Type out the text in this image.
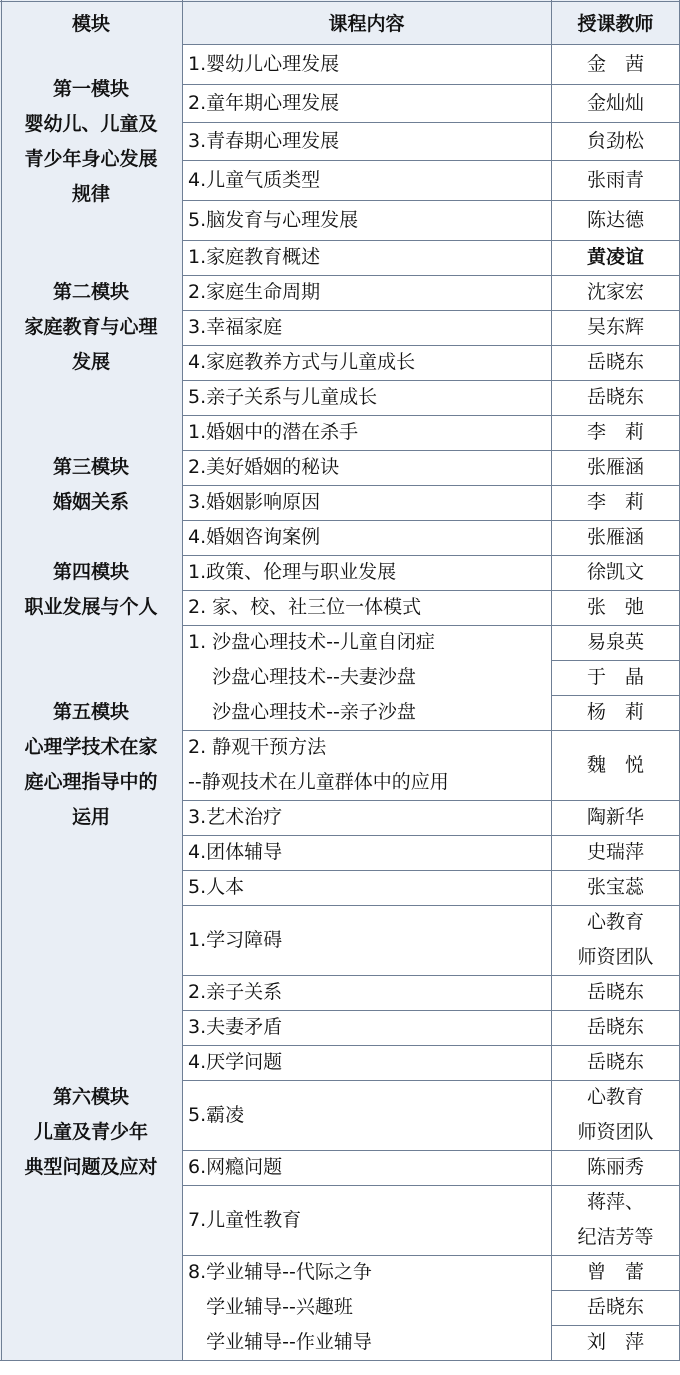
模块	课程内容	授课教师
第一模块
婴幼儿、儿童及
青少年身心发展
规律
1.婴幼儿心理发展
2.童年期心理发展
3.青春期心理发展
4.儿童气质类型
5.脑发育与心理发展
金　茜
金灿灿
贠劲松
张雨青
陈达德
第二模块
家庭教育与心理
发展
1.家庭教育概述
2.家庭生命周期
3.幸福家庭
4.家庭教养方式与儿童成长
5.亲子关系与儿童成长
黄凌谊
沈家宏
吴东辉
岳晓东
岳晓东
第三模块
婚姻关系
1.婚姻中的潜在杀手
2.美好婚姻的秘诀
3.婚姻影响原因
4.婚姻咨询案例
李　莉
张雁涵
李　莉
张雁涵
第四模块
职业发展与个人
1.政策、伦理与职业发展
2. 家、校、社三位一体模式
徐凯文
张　弛
第五模块
心理学技术在家
庭心理指导中的
运用
1. 沙盘心理技术--儿童自闭症
沙盘心理技术--夫妻沙盘
沙盘心理技术--亲子沙盘
2. 静观干预方法
--静观技术在儿童群体中的应用
3.艺术治疗
4.团体辅导
5.人本
易泉英
于　晶
杨　莉
魏　悦
陶新华
史瑞萍
张宝蕊
第六模块
儿童及青少年
典型问题及应对
1.学习障碍
2.亲子关系
3.夫妻矛盾
4.厌学问题
5.霸凌
6.网瘾问题
7.儿童性教育
8.学业辅导--代际之争
学业辅导--兴趣班
学业辅导--作业辅导
心教育
师资团队
岳晓东
岳晓东
岳晓东
心教育
师资团队
陈丽秀
蒋萍、
纪洁芳等
曾　蕾
岳晓东
刘　萍
